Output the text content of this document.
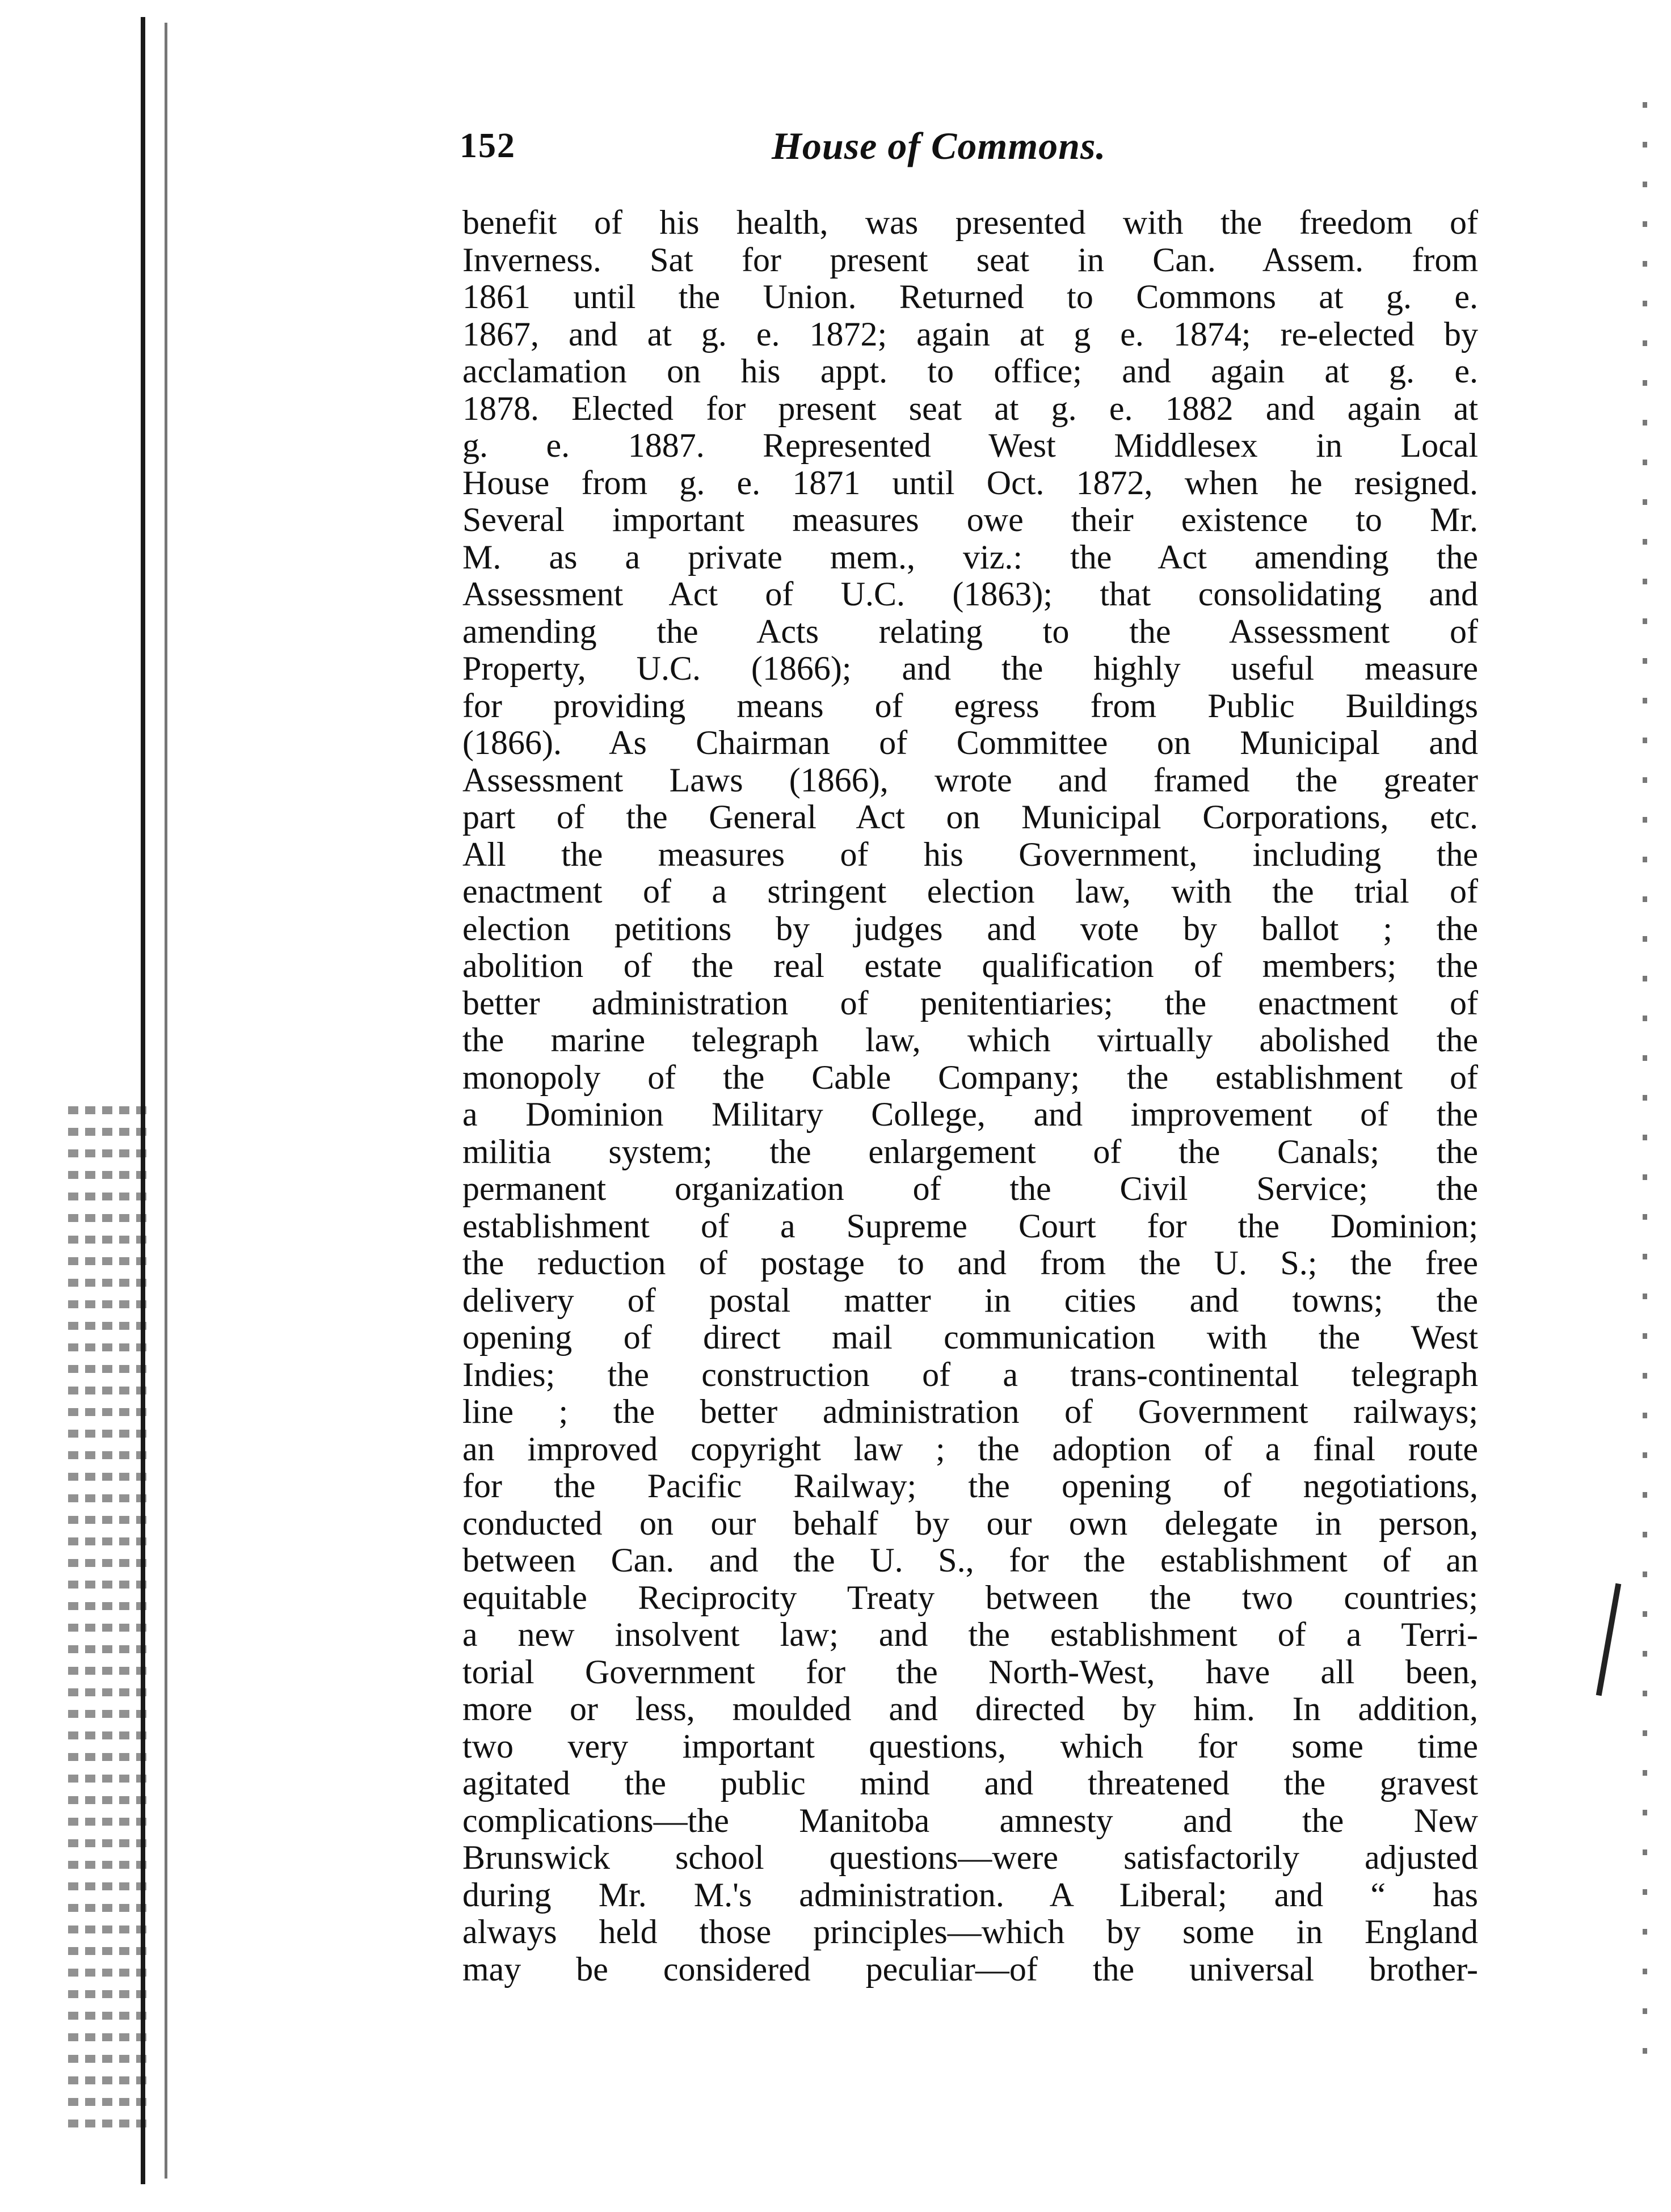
152	House of Commons.
benefit of his health, was presented with the freedom of
Inverness. Sat for present seat in Can. Assem. from
1861 until the Union. Returned to Commons at g. e.
1867, and at g. e. 1872; again at g e. 1874; re-elected by
acclamation on his appt. to office; and again at g. e.
1878. Elected for present seat at g. e. 1882 and again at
g. e. 1887. Represented West Middlesex in Local
House from g. e. 1871 until Oct. 1872, when he resigned.
Several important measures owe their existence to Mr.
M. as a private mem., viz.: the Act amending the
Assessment Act of U.C. (1863); that consolidating and
amending the Acts relating to the Assessment of
Property, U.C. (1866); and the highly useful measure
for providing means of egress from Public Buildings
(1866). As Chairman of Committee on Municipal and
Assessment Laws (1866), wrote and framed the greater
part of the General Act on Municipal Corporations, etc.
All the measures of his Government, including the
enactment of a stringent election law, with the trial of
election petitions by judges and vote by ballot ; the
abolition of the real estate qualification of members; the
better administration of penitentiaries; the enactment of
the marine telegraph law, which virtually abolished the
monopoly of the Cable Company; the establishment of
a Dominion Military College, and improvement of the
militia system; the enlargement of the Canals; the
permanent organization of the Civil Service; the
establishment of a Supreme Court for the Dominion;
the reduction of postage to and from the U. S.; the free
delivery of postal matter in cities and towns; the
opening of direct mail communication with the West
Indies; the construction of a trans-continental telegraph
line ; the better administration of Government railways;
an improved copyright law ; the adoption of a final route
for the Pacific Railway; the opening of negotiations,
conducted on our behalf by our own delegate in person,
between Can. and the U. S., for the establishment of an
equitable Reciprocity Treaty between the two countries;
a new insolvent law; and the establishment of a Terri-
torial Government for the North-West, have all been,
more or less, moulded and directed by him. In addition,
two very important questions, which for some time
agitated the public mind and threatened the gravest
complications—the Manitoba amnesty and the New
Brunswick school questions—were satisfactorily adjusted
during Mr. M.'s administration. A Liberal; and “ has
always held those principles—which by some in England
may be considered peculiar—of the universal brother-
